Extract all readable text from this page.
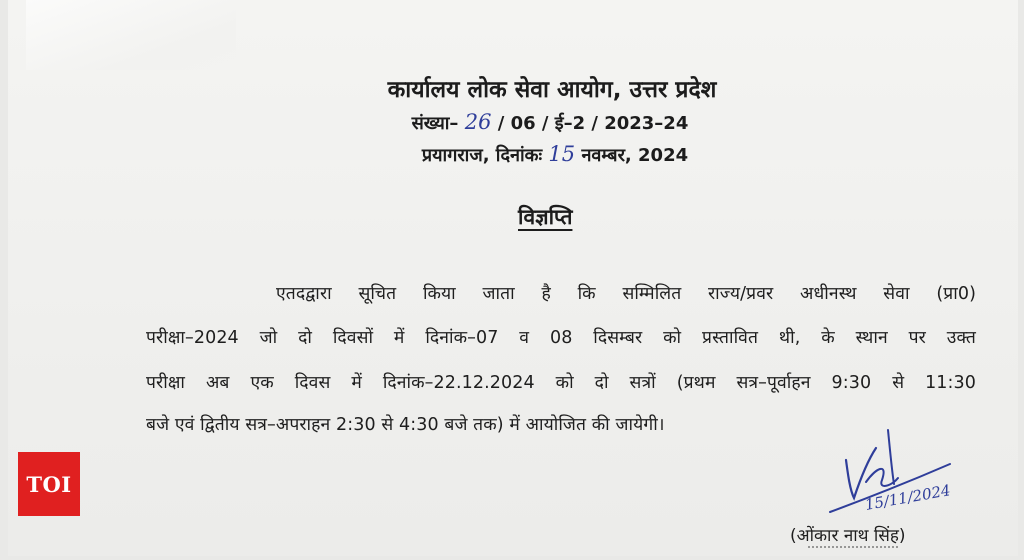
कार्यालय लोक सेवा आयोग, उत्तर प्रदेश
संख्या– 26 / 06 / ई–2 / 2023–24
प्रयागराज, दिनांकः 15 नवम्बर, 2024
विज्ञप्ति
एतदद्वारा सूचित किया जाता है कि सम्मिलित राज्य/प्रवर अधीनस्थ सेवा (प्रा0)
परीक्षा–2024 जो दो दिवसों में दिनांक–07 व 08 दिसम्बर को प्रस्तावित थी, के स्थान पर उक्त
परीक्षा अब एक दिवस में दिनांक–22.12.2024 को दो सत्रों (प्रथम सत्र–पूर्वाहन 9:30 से 11:30
बजे एवं द्वितीय सत्र–अपराहन 2:30 से 4:30 बजे तक) में आयोजित की जायेगी।
15/11/2024
(ओंकार नाथ सिंह)
TOI
